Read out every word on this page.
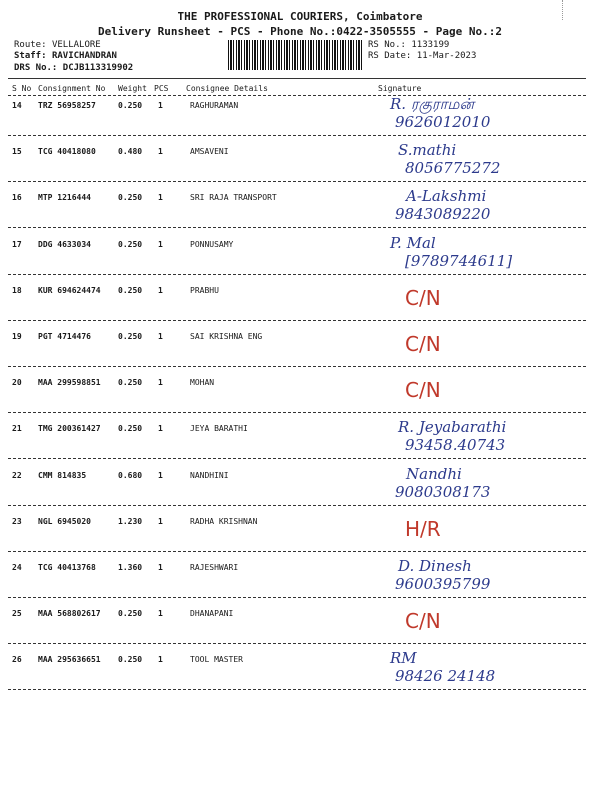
THE PROFESSIONAL COURIERS, Coimbatore
Delivery Runsheet - PCS - Phone No.:0422-3505555 - Page No.:2
Route: VELLALORE
Staff: RAVICHANDRAN
DRS No.: DCJB113319902
RS No.: 1133199
RS Date: 11-Mar-2023
S No Consignment No Weight PCS Consignee Details	Signature
14 TRZ 56958257	0.250 1	RAGHURAMAN	R. ரகுராமன்
9626012010
15 TCG 40418080	0.480 1	AMSAVENI	S.mathi
8056775272
16 MTP 1216444	0.250 1	SRI RAJA TRANSPORT	A-Lakshmi
9843089220
17 DDG 4633034	0.250 1	PONNUSAMY	P. Mal
[9789744611]
18 KUR 694624474 0.250 1	PRABHU	C/N
19 PGT 4714476	0.250 1	SAI KRISHNA ENG	C/N
20 MAA 299598851 0.250 1	MOHAN	C/N
21 TMG 200361427 0.250 1	JEYA BARATHI	R. Jeyabarathi
93458.40743
22 CMM 814835	0.680 1	NANDHINI	Nandhi
9080308173
23 NGL 6945020	1.230 1	RADHA KRISHNAN	H/R
24 TCG 40413768	1.360 1	RAJESHWARI	D. Dinesh
9600395799
25 MAA 568802617 0.250 1	DHANAPANI	C/N
26 MAA 295636651 0.250 1	TOOL MASTER	RM
98426 24148
